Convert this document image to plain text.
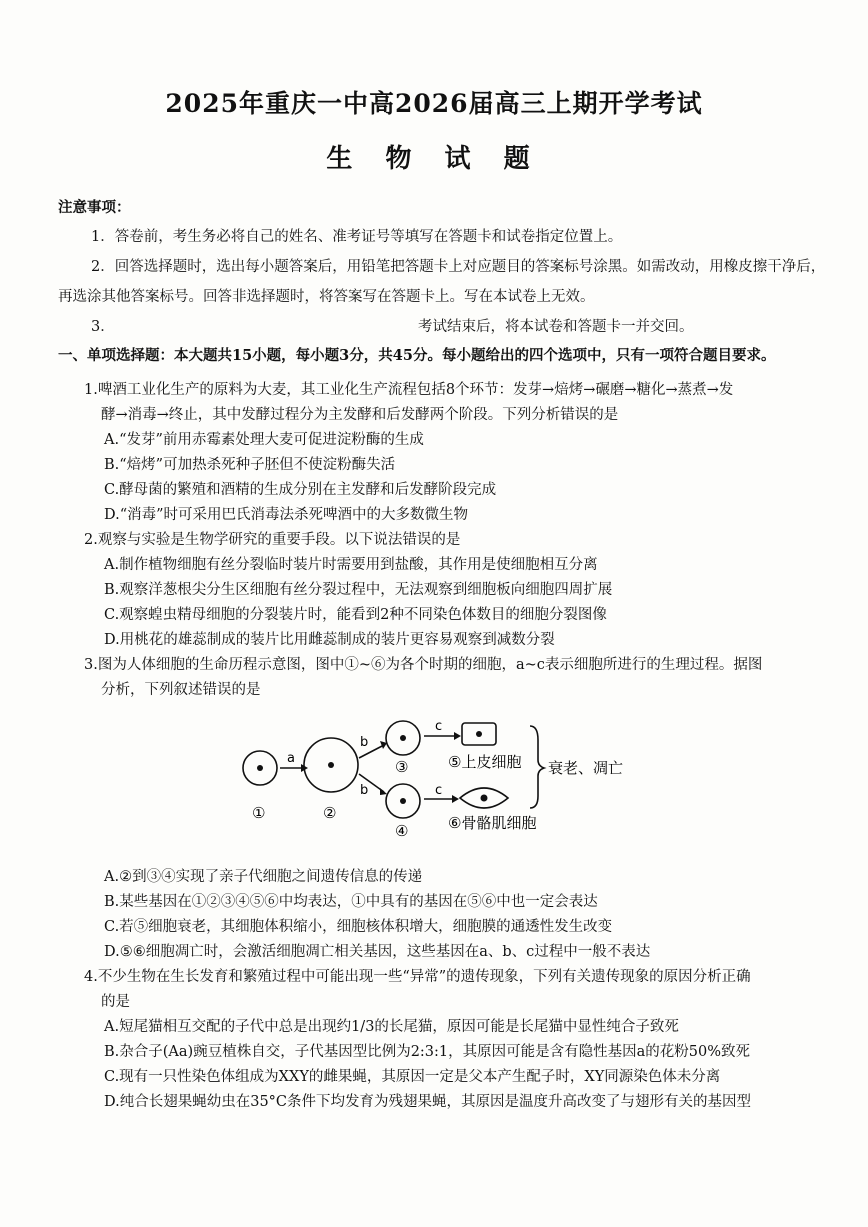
2025年重庆一中高2026届高三上期开学考试
生 物 试 题
注意事项：
1．答卷前，考生务必将自己的姓名、准考证号等填写在答题卡和试卷指定位置上。
2．回答选择题时，选出每小题答案后，用铅笔把答题卡上对应题目的答案标号涂黑。如需改动，用橡皮擦干净后，
再选涂其他答案标号。回答非选择题时，将答案写在答题卡上。写在本试卷上无效。
3．	考试结束后，将本试卷和答题卡一并交回。
一、单项选择题：本大题共15小题，每小题3分，共45分。每小题给出的四个选项中，只有一项符合题目要求。
1.啤酒工业化生产的原料为大麦，其工业化生产流程包括8个环节：发芽→焙烤→碾磨→糖化→蒸煮→发
酵→消毒→终止，其中发酵过程分为主发酵和后发酵两个阶段。下列分析错误的是
A.“发芽”前用赤霉素处理大麦可促进淀粉酶的生成
B.“焙烤”可加热杀死种子胚但不使淀粉酶失活
C.酵母菌的繁殖和酒精的生成分别在主发酵和后发酵阶段完成
D.“消毒”时可采用巴氏消毒法杀死啤酒中的大多数微生物
2.观察与实验是生物学研究的重要手段。以下说法错误的是
A.制作植物细胞有丝分裂临时装片时需要用到盐酸，其作用是使细胞相互分离
B.观察洋葱根尖分生区细胞有丝分裂过程中，无法观察到细胞板向细胞四周扩展
C.观察蝗虫精母细胞的分裂装片时，能看到2种不同染色体数目的细胞分裂图像
D.用桃花的雄蕊制成的装片比用雌蕊制成的装片更容易观察到减数分裂
3.图为人体细胞的生命历程示意图，图中①~⑥为各个时期的细胞，a~c表示细胞所进行的生理过程。据图
分析，下列叙述错误的是
a
b
b
c
c
①	②
③
④
⑤上皮细胞
⑥骨骼肌细胞
衰老、凋亡
A.②到③④实现了亲子代细胞之间遗传信息的传递
B.某些基因在①②③④⑤⑥中均表达，①中具有的基因在⑤⑥中也一定会表达
C.若⑤细胞衰老，其细胞体积缩小，细胞核体积增大，细胞膜的通透性发生改变
D.⑤⑥细胞凋亡时，会激活细胞凋亡相关基因，这些基因在a、b、c过程中一般不表达
4.不少生物在生长发育和繁殖过程中可能出现一些“异常”的遗传现象，下列有关遗传现象的原因分析正确
的是
A.短尾猫相互交配的子代中总是出现约1/3的长尾猫，原因可能是长尾猫中显性纯合子致死
B.杂合子(Aa)豌豆植株自交，子代基因型比例为2:3:1，其原因可能是含有隐性基因a的花粉50%致死
C.现有一只性染色体组成为XXY的雌果蝇，其原因一定是父本产生配子时，XY同源染色体未分离
D.纯合长翅果蝇幼虫在35°C条件下均发育为残翅果蝇，其原因是温度升高改变了与翅形有关的基因型
